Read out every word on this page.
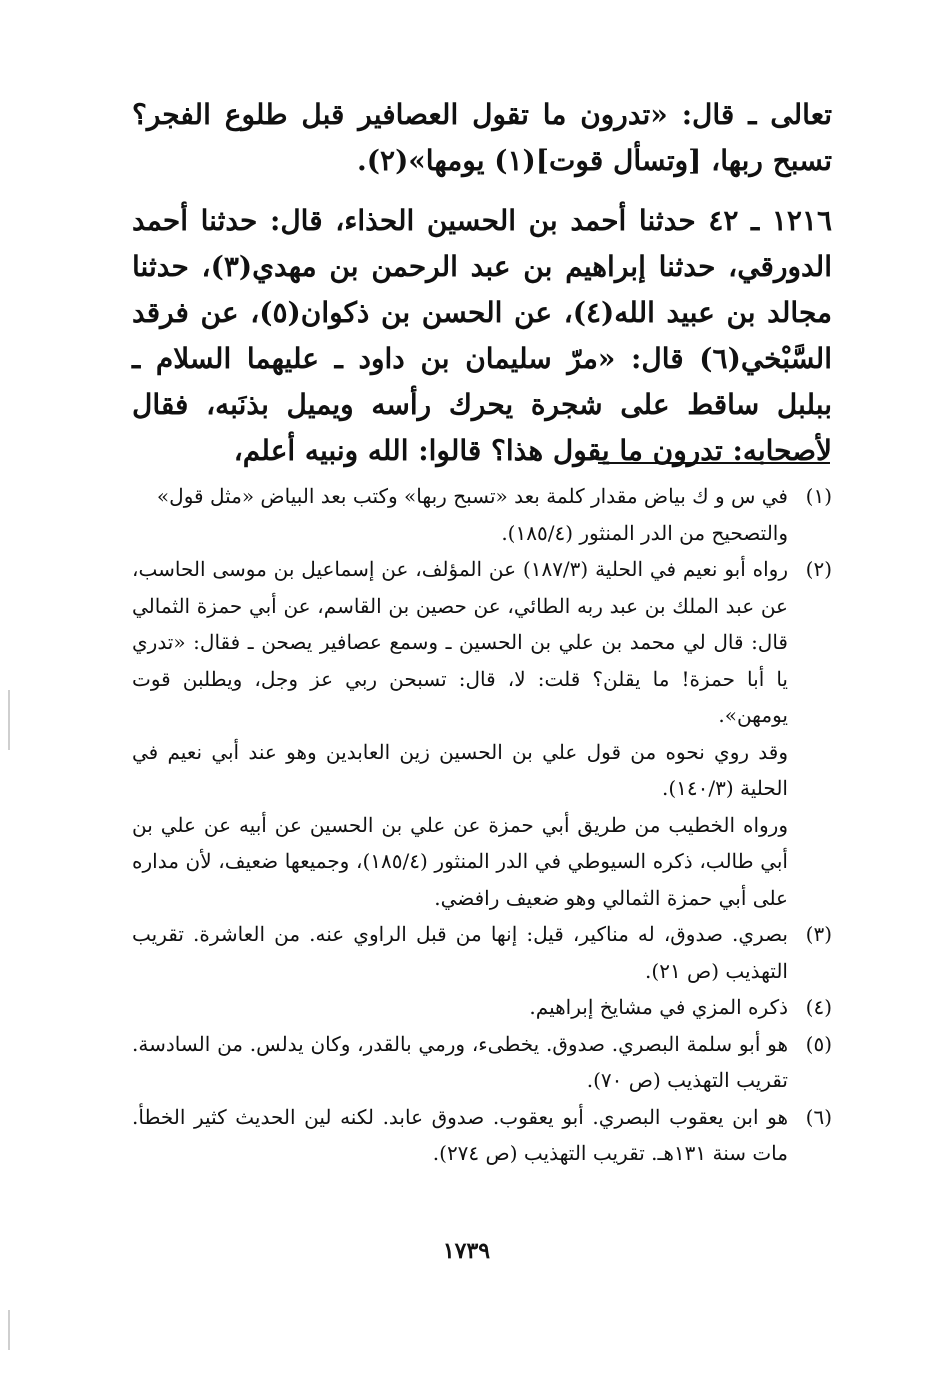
تعالى ـ قال: «تدرون ما تقول العصافير قبل طلوع الفجر؟ تسبح ربها، [وتسأل قوت](١) يومها»(٢).

١٢١٦ ـ ٤٢ حدثنا أحمد بن الحسين الحذاء، قال: حدثنا أحمد الدورقي، حدثنا إبراهيم بن عبد الرحمن بن مهدي(٣)، حدثنا مجالد بن عبيد الله(٤)، عن الحسن بن ذكوان(٥)، عن فرقد السَّبْخي(٦) قال: «مرّ سليمان بن داود ـ عليهما السلام ـ ببلبل ساقط على شجرة يحرك رأسه ويميل بذنَبه، فقال لأصحابه: تدرون ما يقول هذا؟ قالوا: الله ونبيه أعلم،

(١)
في س و ك بياض مقدار كلمة بعد «تسبح ربها» وكتب بعد البياض «مثل قول»
والتصحيح من الدر المنثور (١٨٥/٤).
(٢)
رواه أبو نعيم في الحلية (١٨٧/٣) عن المؤلف، عن إسماعيل بن موسى الحاسب، عن عبد الملك بن عبد ربه الطائي، عن حصين بن القاسم، عن أبي حمزة الثمالي قال: قال لي محمد بن علي بن الحسين ـ وسمع عصافير يصحن ـ فقال: «تدري يا أبا حمزة! ما يقلن؟ قلت: لا، قال: تسبحن ربي عز وجل، ويطلبن قوت يومهن».
وقد روي نحوه من قول علي بن الحسين زين العابدين وهو عند أبي نعيم في الحلية (١٤٠/٣).
ورواه الخطيب من طريق أبي حمزة عن علي بن الحسين عن أبيه عن علي بن أبي طالب، ذكره السيوطي في الدر المنثور (١٨٥/٤)، وجميعها ضعيف، لأن مداره على أبي حمزة الثمالي وهو ضعيف رافضي.
(٣)
بصري. صدوق، له مناكير، قيل: إنها من قبل الراوي عنه. من العاشرة. تقريب التهذيب (ص ٢١).
(٤)
ذكره المزي في مشايخ إبراهيم.
(٥)
هو أبو سلمة البصري. صدوق. يخطىء، ورمي بالقدر، وكان يدلس. من السادسة. تقريب التهذيب (ص ٧٠).
(٦)
هو ابن يعقوب البصري. أبو يعقوب. صدوق عابد. لكنه لين الحديث كثير الخطأ. مات سنة ١٣١هـ. تقريب التهذيب (ص ٢٧٤).
١٧٣٩
